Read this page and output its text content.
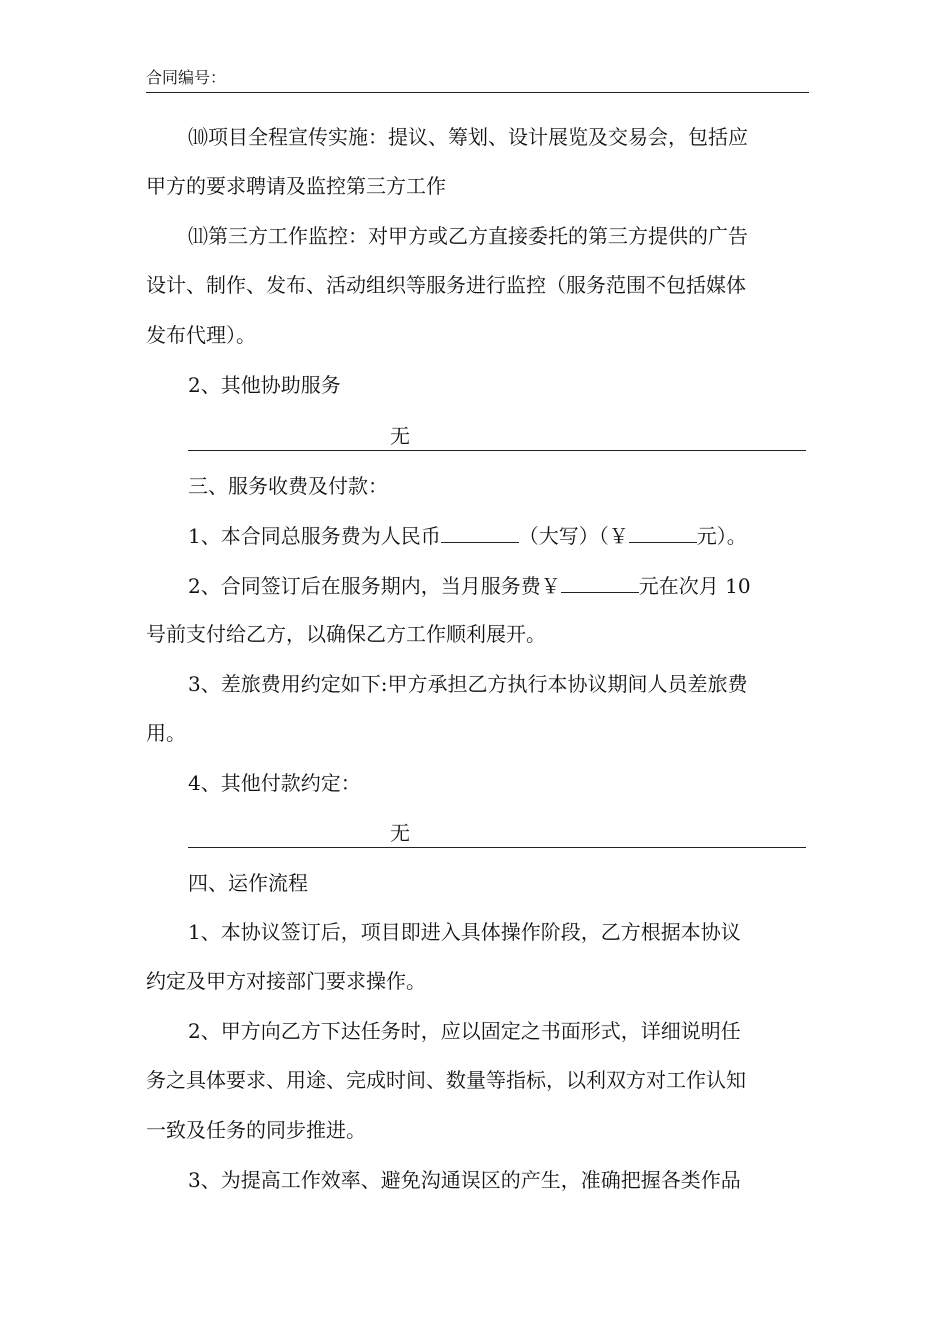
合同编号：
⑽项目全程宣传实施：提议、筹划、设计展览及交易会，包括应
甲方的要求聘请及监控第三方工作
⑾第三方工作监控：对甲方或乙方直接委托的第三方提供的广告
设计、制作、发布、活动组织等服务进行监控（服务范围不包括媒体
发布代理）。
2、其他协助服务
无
三、服务收费及付款：
1、本合同总服务费为人民币	（大写）（￥	元）。
2、合同签订后在服务期内，当月服务费￥	元在次月 10
号前支付给乙方，以确保乙方工作顺利展开。
3、差旅费用约定如下:甲方承担乙方执行本协议期间人员差旅费
用。
4、其他付款约定：
无
四、运作流程
1、本协议签订后，项目即进入具体操作阶段，乙方根据本协议
约定及甲方对接部门要求操作。
2、甲方向乙方下达任务时，应以固定之书面形式，详细说明任
务之具体要求、用途、完成时间、数量等指标，以利双方对工作认知
一致及任务的同步推进。
3、为提高工作效率、避免沟通误区的产生，准确把握各类作品
